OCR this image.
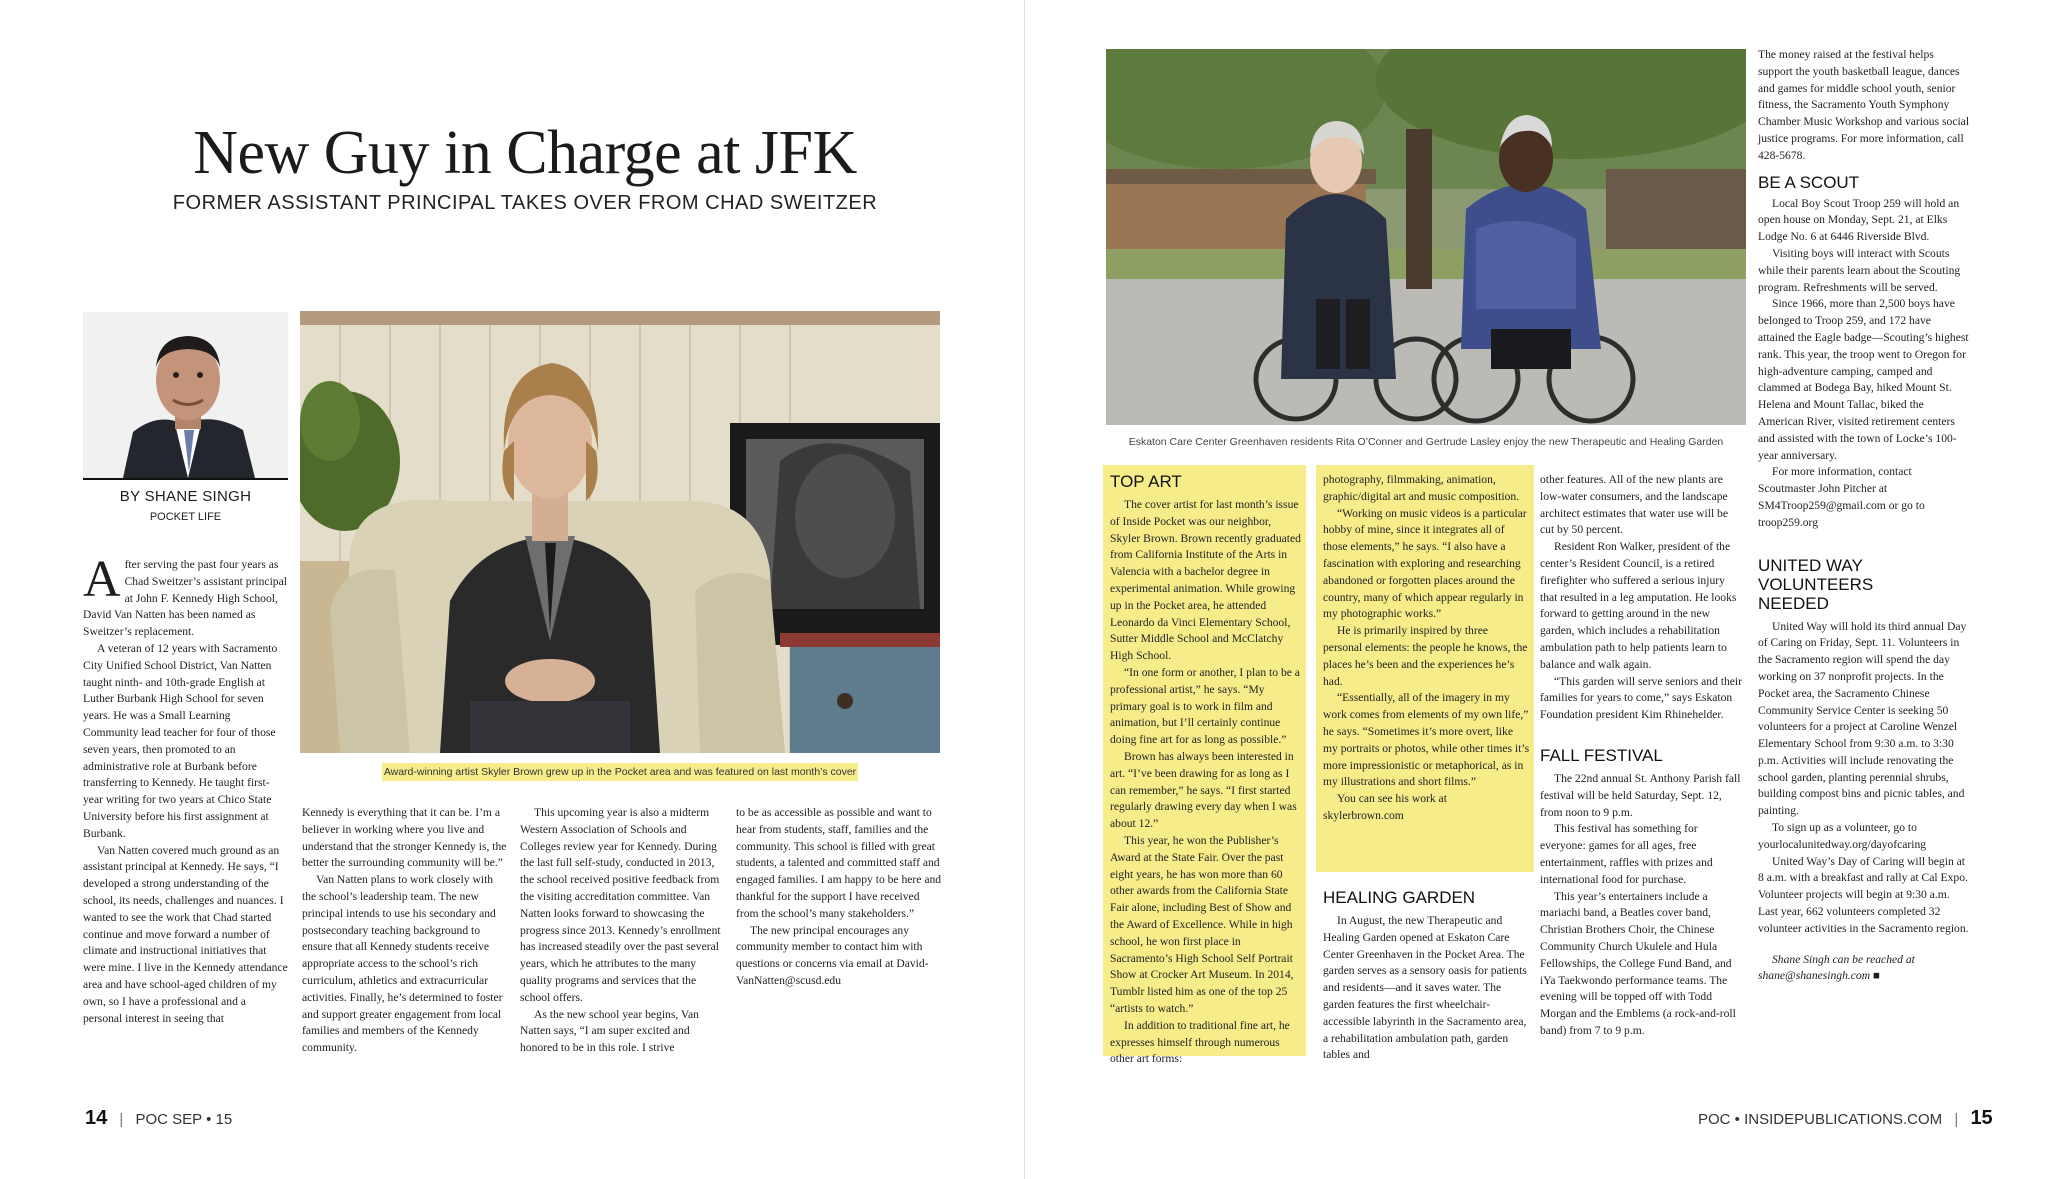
New Guy in Charge at JFK
FORMER ASSISTANT PRINCIPAL TAKES OVER FROM CHAD SWEITZER
BY SHANE SINGH
POCKET LIFE
Award-winning artist Skyler Brown grew up in the Pocket area and was featured on last month’s cover

After serving the past four years as Chad Sweitzer’s assistant principal at John F. Kennedy High School, David Van Natten has been named as Sweitzer’s replacement.

A veteran of 12 years with Sacramento City Unified School District, Van Natten taught ninth- and 10th-grade English at Luther Burbank High School for seven years. He was a Small Learning Community lead teacher for four of those seven years, then promoted to an administrative role at Burbank before transferring to Kennedy. He taught first-year writing for two years at Chico State University before his first assignment at Burbank.

Van Natten covered much ground as an assistant principal at Kennedy. He says, “I developed a strong understanding of the school, its needs, challenges and nuances. I wanted to see the work that Chad started continue and move forward a number of climate and instructional initiatives that were mine. I live in the Kennedy attendance area and have school-aged children of my own, so I have a professional and a personal interest in seeing that

Kennedy is everything that it can be. I’m a believer in working where you live and understand that the stronger Kennedy is, the better the surrounding community will be.”

Van Natten plans to work closely with the school’s leadership team. The new principal intends to use his secondary and postsecondary teaching background to ensure that all Kennedy students receive appropriate access to the school’s rich curriculum, athletics and extracurricular activities. Finally, he’s determined to foster and support greater engagement from local families and members of the Kennedy community.

This upcoming year is also a midterm Western Association of Schools and Colleges review year for Kennedy. During the last full self-study, conducted in 2013, the school received positive feedback from the visiting accreditation committee. Van Natten looks forward to showcasing the progress since 2013. Kennedy’s enrollment has increased steadily over the past several years, which he attributes to the many quality programs and services that the school offers.

As the new school year begins, Van Natten says, “I am super excited and honored to be in this role. I strive

to be as accessible as possible and want to hear from students, staff, families and the community. This school is filled with great students, a talented and committed staff and engaged families. I am happy to be here and thankful for the support I have received from the school’s many stakeholders.”

The new principal encourages any community member to contact him with questions or concerns via email at David-VanNatten@scusd.edu

14 | POC SEP • 15
Eskaton Care Center Greenhaven residents Rita O’Conner and Gertrude Lasley enjoy the new Therapeutic and Healing Garden
TOP ART

The cover artist for last month’s issue of Inside Pocket was our neighbor, Skyler Brown. Brown recently graduated from California Institute of the Arts in Valencia with a bachelor degree in experimental animation. While growing up in the Pocket area, he attended Leonardo da Vinci Elementary School, Sutter Middle School and McClatchy High School.

“In one form or another, I plan to be a professional artist,” he says. “My primary goal is to work in film and animation, but I’ll certainly continue doing fine art for as long as possible.”

Brown has always been interested in art. “I’ve been drawing for as long as I can remember,” he says. “I first started regularly drawing every day when I was about 12.”

This year, he won the Publisher’s Award at the State Fair. Over the past eight years, he has won more than 60 other awards from the California State Fair alone, including Best of Show and the Award of Excellence. While in high school, he won first place in Sacramento’s High School Self Portrait Show at Crocker Art Museum. In 2014, Tumblr listed him as one of the top 25 “artists to watch.”

In addition to traditional fine art, he expresses himself through numerous other art forms:

photography, filmmaking, animation, graphic/digital art and music composition.

“Working on music videos is a particular hobby of mine, since it integrates all of those elements,” he says. “I also have a fascination with exploring and researching abandoned or forgotten places around the country, many of which appear regularly in my photographic works.”

He is primarily inspired by three personal elements: the people he knows, the places he’s been and the experiences he’s had.

“Essentially, all of the imagery in my work comes from elements of my own life,” he says. “Sometimes it’s more overt, like my portraits or photos, while other times it’s more impressionistic or metaphorical, as in my illustrations and short films.”

You can see his work at skylerbrown.com

HEALING GARDEN

In August, the new Therapeutic and Healing Garden opened at Eskaton Care Center Greenhaven in the Pocket Area. The garden serves as a sensory oasis for patients and residents—and it saves water. The garden features the first wheelchair-accessible labyrinth in the Sacramento area, a rehabilitation ambulation path, garden tables and

other features. All of the new plants are low-water consumers, and the landscape architect estimates that water use will be cut by 50 percent.

Resident Ron Walker, president of the center’s Resident Council, is a retired firefighter who suffered a serious injury that resulted in a leg amputation. He looks forward to getting around in the new garden, which includes a rehabilitation ambulation path to help patients learn to balance and walk again.

“This garden will serve seniors and their families for years to come,” says Eskaton Foundation president Kim Rhinehelder.

FALL FESTIVAL

The 22nd annual St. Anthony Parish fall festival will be held Saturday, Sept. 12, from noon to 9 p.m.

This festival has something for everyone: games for all ages, free entertainment, raffles with prizes and international food for purchase.

This year’s entertainers include a mariachi band, a Beatles cover band, Christian Brothers Choir, the Chinese Community Church Ukulele and Hula Fellowships, the College Fund Band, and iYa Taekwondo performance teams. The evening will be topped off with Todd Morgan and the Emblems (a rock-and-roll band) from 7 to 9 p.m.

The money raised at the festival helps support the youth basketball league, dances and games for middle school youth, senior fitness, the Sacramento Youth Symphony Chamber Music Workshop and various social justice programs. For more information, call 428-5678.

BE A SCOUT

Local Boy Scout Troop 259 will hold an open house on Monday, Sept. 21, at Elks Lodge No. 6 at 6446 Riverside Blvd.

Visiting boys will interact with Scouts while their parents learn about the Scouting program. Refreshments will be served.

Since 1966, more than 2,500 boys have belonged to Troop 259, and 172 have attained the Eagle badge—Scouting’s highest rank. This year, the troop went to Oregon for high-adventure camping, camped and clammed at Bodega Bay, hiked Mount St. Helena and Mount Tallac, biked the American River, visited retirement centers and assisted with the town of Locke’s 100-year anniversary.

For more information, contact Scoutmaster John Pitcher at SM4Troop259@gmail.com or go to troop259.org

UNITED WAY VOLUNTEERS NEEDED

United Way will hold its third annual Day of Caring on Friday, Sept. 11. Volunteers in the Sacramento region will spend the day working on 37 nonprofit projects. In the Pocket area, the Sacramento Chinese Community Service Center is seeking 50 volunteers for a project at Caroline Wenzel Elementary School from 9:30 a.m. to 3:30 p.m. Activities will include renovating the school garden, planting perennial shrubs, building compost bins and picnic tables, and painting.

To sign up as a volunteer, go to yourlocalunitedway.org/dayofcaring

United Way’s Day of Caring will begin at 8 a.m. with a breakfast and rally at Cal Expo. Volunteer projects will begin at 9:30 a.m. Last year, 662 volunteers completed 32 volunteer activities in the Sacramento region.

Shane Singh can be reached at shane@shanesingh.com ■

POC • INSIDEPUBLICATIONS.COM | 15
